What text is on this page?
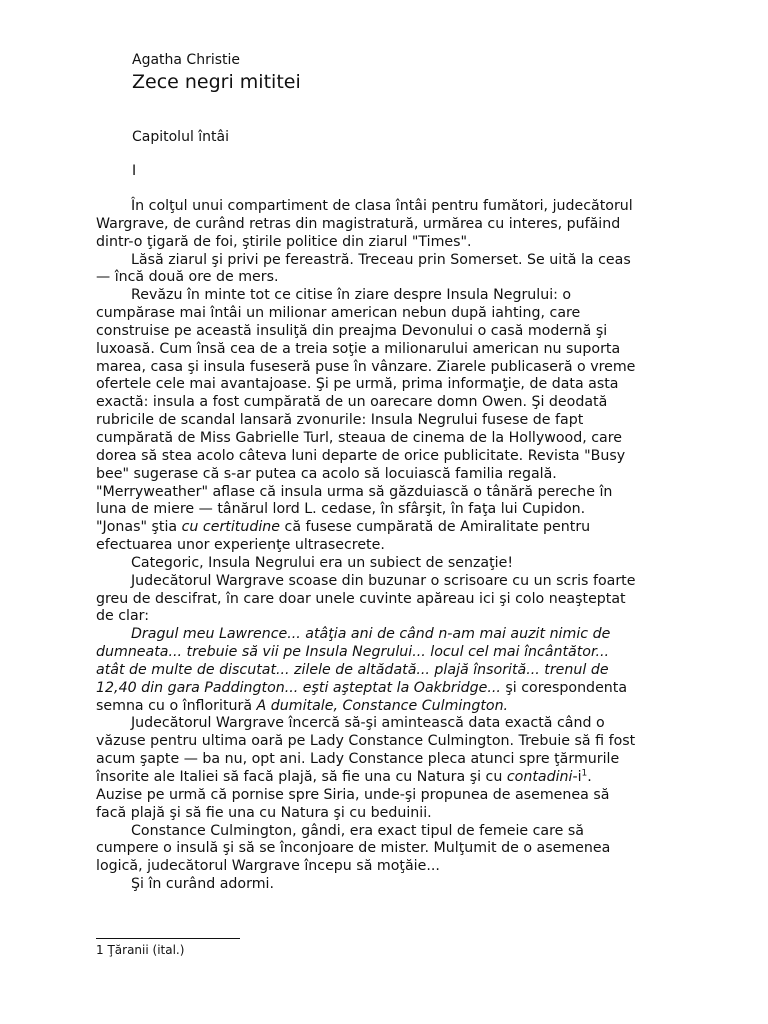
Agatha Christie
Zece negri mititei
Capitolul întâi
I
În colţul unui compartiment de clasa întâi pentru fumători, judecătorul
Wargrave, de curând retras din magistratură, urmărea cu interes, pufăind
dintr-o ţigară de foi, ştirile politice din ziarul "Times".
Lăsă ziarul şi privi pe fereastră. Treceau prin Somerset. Se uită la ceas
— încă două ore de mers.
Revăzu în minte tot ce citise în ziare despre Insula Negrului: o
cumpărase mai întâi un milionar american nebun după iahting, care
construise pe această insuliţă din preajma Devonului o casă modernă şi
luxoasă. Cum însă cea de a treia soţie a milionarului american nu suporta
marea, casa şi insula fuseseră puse în vânzare. Ziarele publicaseră o vreme
ofertele cele mai avantajoase. Şi pe urmă, prima informaţie, de data asta
exactă: insula a fost cumpărată de un oarecare domn Owen. Şi deodată
rubricile de scandal lansară zvonurile: Insula Negrului fusese de fapt
cumpărată de Miss Gabrielle Turl, steaua de cinema de la Hollywood, care
dorea să stea acolo câteva luni departe de orice publicitate. Revista "Busy
bee" sugerase că s-ar putea ca acolo să locuiască familia regală.
"Merryweather" aflase că insula urma să găzduiască o tânără pereche în
luna de miere — tânărul lord L. cedase, în sfârşit, în faţa lui Cupidon.
"Jonas" ştia cu certitudine că fusese cumpărată de Amiralitate pentru
efectuarea unor experienţe ultrasecrete.
Categoric, Insula Negrului era un subiect de senzaţie!
Judecătorul Wargrave scoase din buzunar o scrisoare cu un scris foarte
greu de descifrat, în care doar unele cuvinte apăreau ici şi colo neaşteptat
de clar:
Dragul meu Lawrence... atâţia ani de când n-am mai auzit nimic de
dumneata... trebuie să vii pe Insula Negrului... locul cel mai încântător...
atât de multe de discutat... zilele de altădată... plajă însorită... trenul de
12,40 din gara Paddington... eşti aşteptat la Oakbridge... şi corespondenta
semna cu o înfloritură A dumitale, Constance Culmington.
Judecătorul Wargrave încercă să-şi amintească data exactă când o
văzuse pentru ultima oară pe Lady Constance Culmington. Trebuie să fi fost
acum şapte — ba nu, opt ani. Lady Constance pleca atunci spre ţărmurile
însorite ale Italiei să facă plajă, să fie una cu Natura şi cu contadini-$i^1$.
Auzise pe urmă că pornise spre Siria, unde-şi propunea de asemenea să
facă plajă şi să fie una cu Natura şi cu beduinii.
Constance Culmington, gândi, era exact tipul de femeie care să
cumpere o insulă şi să se înconjoare de mister. Mulţumit de o asemenea
logică, judecătorul Wargrave începu să moţăie...
Şi în curând adormi.
1 Ţăranii (ital.)
